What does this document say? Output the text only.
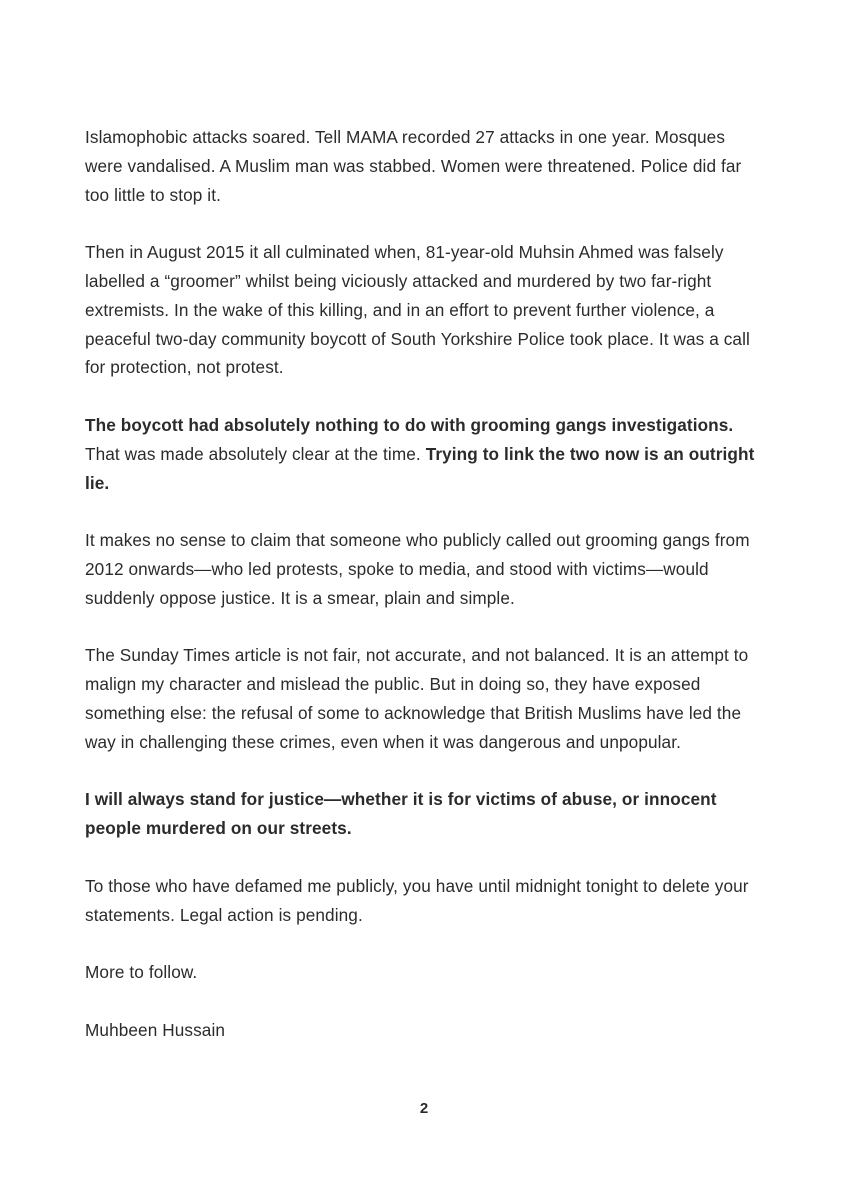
Islamophobic attacks soared. Tell MAMA recorded 27 attacks in one year. Mosques were vandalised. A Muslim man was stabbed. Women were threatened. Police did far too little to stop it.

Then in August 2015 it all culminated when, 81-year-old Muhsin Ahmed was falsely labelled a “groomer” whilst being viciously attacked and murdered by two far-right extremists. In the wake of this killing, and in an effort to prevent further violence, a peaceful two-day community boycott of South Yorkshire Police took place. It was a call for protection, not protest.

The boycott had absolutely nothing to do with grooming gangs investigations. That was made absolutely clear at the time. Trying to link the two now is an outright lie.

It makes no sense to claim that someone who publicly called out grooming gangs from 2012 onwards—who led protests, spoke to media, and stood with victims—would suddenly oppose justice. It is a smear, plain and simple.

The Sunday Times article is not fair, not accurate, and not balanced. It is an attempt to malign my character and mislead the public. But in doing so, they have exposed something else: the refusal of some to acknowledge that British Muslims have led the way in challenging these crimes, even when it was dangerous and unpopular.

I will always stand for justice—whether it is for victims of abuse, or innocent people murdered on our streets.

To those who have defamed me publicly, you have until midnight tonight to delete your statements. Legal action is pending.

More to follow.

Muhbeen Hussain

2
